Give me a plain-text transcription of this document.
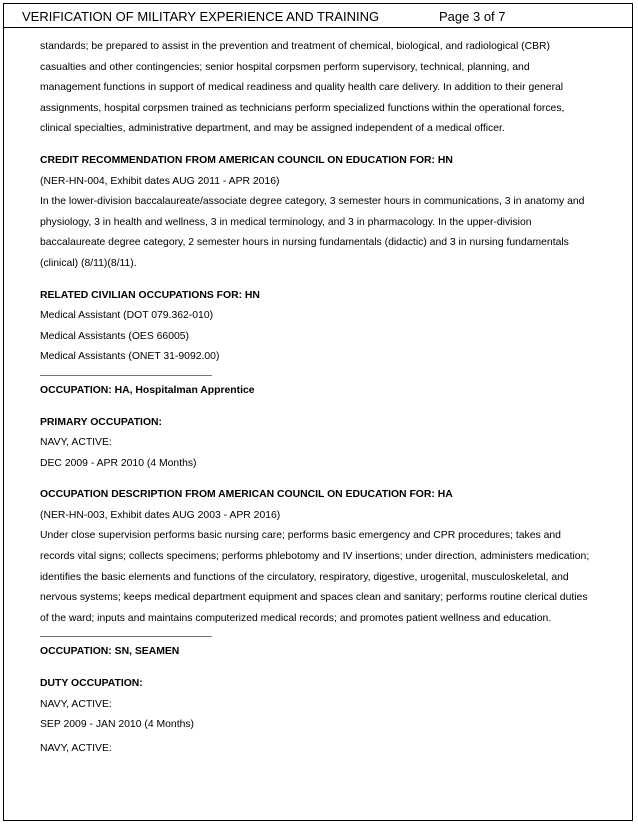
VERIFICATION OF MILITARY EXPERIENCE AND TRAINING	Page 3 of 7
standards; be prepared to assist in the prevention and treatment of chemical, biological, and radiological (CBR)
casualties and other contingencies; senior hospital corpsmen perform supervisory, technical, planning, and
management functions in support of medical readiness and quality health care delivery. In addition to their general
assignments, hospital corpsmen trained as technicians perform specialized functions within the operational forces,
clinical specialties, administrative department, and may be assigned independent of a medical officer.
CREDIT RECOMMENDATION FROM AMERICAN COUNCIL ON EDUCATION FOR: HN
(NER-HN-004, Exhibit dates AUG 2011 - APR 2016)
In the lower-division baccalaureate/associate degree category, 3 semester hours in communications, 3 in anatomy and
physiology, 3 in health and wellness, 3 in medical terminology, and 3 in pharmacology. In the upper-division
baccalaureate degree category, 2 semester hours in nursing fundamentals (didactic) and 3 in nursing fundamentals
(clinical) (8/11)(8/11).
RELATED CIVILIAN OCCUPATIONS FOR: HN
Medical Assistant (DOT 079.362-010)
Medical Assistants (OES 66005)
Medical Assistants (ONET 31-9092.00)
OCCUPATION: HA, Hospitalman Apprentice
PRIMARY OCCUPATION:
NAVY, ACTIVE:
DEC 2009 - APR 2010 (4 Months)
OCCUPATION DESCRIPTION FROM AMERICAN COUNCIL ON EDUCATION FOR: HA
(NER-HN-003, Exhibit dates AUG 2003 - APR 2016)
Under close supervision performs basic nursing care; performs basic emergency and CPR procedures; takes and
records vital signs; collects specimens; performs phlebotomy and IV insertions; under direction, administers medication;
identifies the basic elements and functions of the circulatory, respiratory, digestive, urogenital, musculoskeletal, and
nervous systems; keeps medical department equipment and spaces clean and sanitary; performs routine clerical duties
of the ward; inputs and maintains computerized medical records; and promotes patient wellness and education.
OCCUPATION: SN, SEAMEN
DUTY OCCUPATION:
NAVY, ACTIVE:
SEP 2009 - JAN 2010 (4 Months)
NAVY, ACTIVE:
